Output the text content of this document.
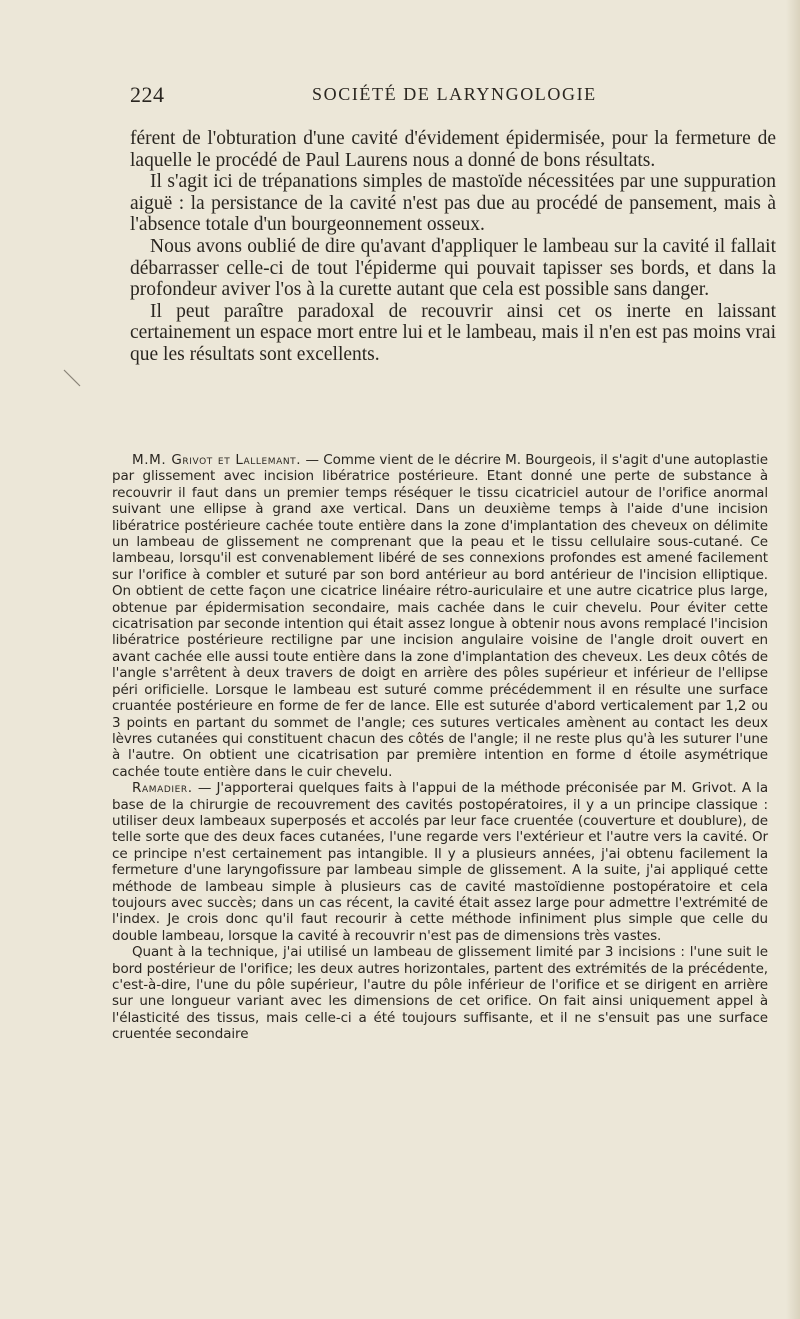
224	SOCIÉTÉ DE LARYNGOLOGIE

férent de l'obturation d'une cavité d'évidement épidermisée, pour la fermeture de laquelle le procédé de Paul Laurens nous a donné de bons résultats.

Il s'agit ici de trépanations simples de mastoïde nécessitées par une suppuration aiguë : la persistance de la cavité n'est pas due au procédé de pansement, mais à l'absence totale d'un bourgeonnement osseux.

Nous avons oublié de dire qu'avant d'appliquer le lambeau sur la cavité il fallait débarrasser celle-ci de tout l'épiderme qui pouvait tapisser ses bords, et dans la profondeur aviver l'os à la curette autant que cela est possible sans danger.

Il peut paraître paradoxal de recouvrir ainsi cet os inerte en laissant certainement un espace mort entre lui et le lambeau, mais il n'en est pas moins vrai que les résultats sont excellents.

M.M. Grivot et Lallemant. — Comme vient de le décrire M. Bourgeois, il s'agit d'une autoplastie par glissement avec incision libératrice postérieure. Etant donné une perte de substance à recouvrir il faut dans un premier temps réséquer le tissu cicatriciel autour de l'orifice anormal suivant une ellipse à grand axe vertical. Dans un deuxième temps à l'aide d'une incision libératrice postérieure cachée toute entière dans la zone d'implantation des cheveux on délimite un lambeau de glissement ne comprenant que la peau et le tissu cellulaire sous-cutané. Ce lambeau, lorsqu'il est convenablement libéré de ses connexions profondes est amené facilement sur l'orifice à combler et suturé par son bord antérieur au bord antérieur de l'incision elliptique. On obtient de cette façon une cicatrice linéaire rétro-auriculaire et une autre cicatrice plus large, obtenue par épidermisation secondaire, mais cachée dans le cuir chevelu. Pour éviter cette cicatrisation par seconde intention qui était assez longue à obtenir nous avons remplacé l'incision libératrice postérieure rectiligne par une incision angulaire voisine de l'angle droit ouvert en avant cachée elle aussi toute entière dans la zone d'implantation des cheveux. Les deux côtés de l'angle s'arrêtent à deux travers de doigt en arrière des pôles supérieur et inférieur de l'ellipse péri orificielle. Lorsque le lambeau est suturé comme précédemment il en résulte une surface cruantée postérieure en forme de fer de lance. Elle est suturée d'abord verticalement par 1,2 ou 3 points en partant du sommet de l'angle; ces sutures verticales amènent au contact les deux lèvres cutanées qui constituent chacun des côtés de l'angle; il ne reste plus qu'à les suturer l'une à l'autre. On obtient une cicatrisation par première intention en forme d étoile asymétrique cachée toute entière dans le cuir chevelu.

Ramadier. — J'apporterai quelques faits à l'appui de la méthode préconisée par M. Grivot. A la base de la chirurgie de recouvrement des cavités postopératoires, il y a un principe classique : utiliser deux lambeaux superposés et accolés par leur face cruentée (couverture et doublure), de telle sorte que des deux faces cutanées, l'une regarde vers l'extérieur et l'autre vers la cavité. Or ce principe n'est certainement pas intangible. Il y a plusieurs années, j'ai obtenu facilement la fermeture d'une laryngofissure par lambeau simple de glissement. A la suite, j'ai appliqué cette méthode de lambeau simple à plusieurs cas de cavité mastoïdienne postopératoire et cela toujours avec succès; dans un cas récent, la cavité était assez large pour admettre l'extrémité de l'index. Je crois donc qu'il faut recourir à cette méthode infiniment plus simple que celle du double lambeau, lorsque la cavité à recouvrir n'est pas de dimensions très vastes.

Quant à la technique, j'ai utilisé un lambeau de glissement limité par 3 incisions : l'une suit le bord postérieur de l'orifice; les deux autres horizontales, partent des extrémités de la précédente, c'est-à-dire, l'une du pôle supérieur, l'autre du pôle inférieur de l'orifice et se dirigent en arrière sur une longueur variant avec les dimensions de cet orifice. On fait ainsi uniquement appel à l'élasticité des tissus, mais celle-ci a été toujours suffisante, et il ne s'ensuit pas une surface cruentée secondaire
